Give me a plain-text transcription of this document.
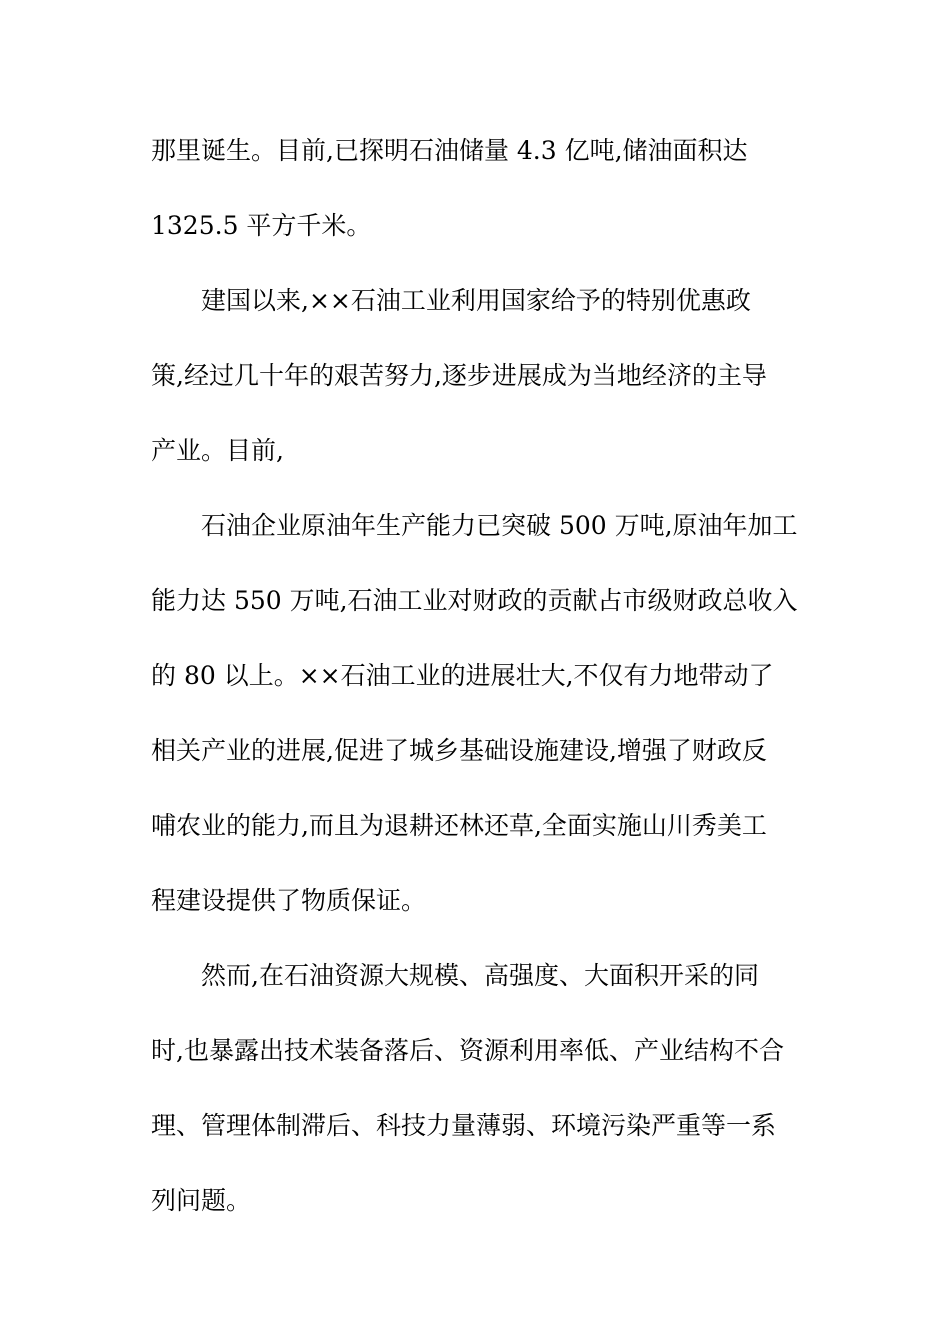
那里诞生。目前,已探明石油储量 4.3 亿吨,储油面积达
1325.5 平方千米。
建国以来,××石油工业利用国家给予的特别优惠政
策,经过几十年的艰苦努力,逐步进展成为当地经济的主导
产业。目前,
石油企业原油年生产能力已突破 500 万吨,原油年加工
能力达 550 万吨,石油工业对财政的贡献占市级财政总收入
的 80 以上。××石油工业的进展壮大,不仅有力地带动了
相关产业的进展,促进了城乡基础设施建设,增强了财政反
哺农业的能力,而且为退耕还林还草,全面实施山川秀美工
程建设提供了物质保证。
然而,在石油资源大规模、高强度、大面积开采的同
时,也暴露出技术装备落后、资源利用率低、产业结构不合
理、管理体制滞后、科技力量薄弱、环境污染严重等一系
列问题。
